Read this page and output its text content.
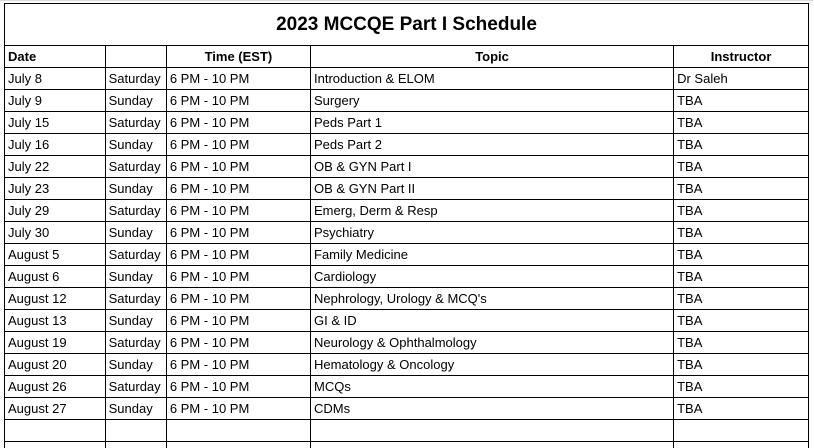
2023 MCCQE Part I Schedule				
Date		Time (EST)	Topic	Instructor
July 8	Saturday	6 PM - 10 PM	Introduction & ELOM	Dr Saleh
July 9	Sunday	6 PM - 10 PM	Surgery	TBA
July 15	Saturday	6 PM - 10 PM	Peds Part 1	TBA
July 16	Sunday	6 PM - 10 PM	Peds Part 2	TBA
July 22	Saturday	6 PM - 10 PM	OB & GYN Part I	TBA
July 23	Sunday	6 PM - 10 PM	OB & GYN Part II	TBA
July 29	Saturday	6 PM - 10 PM	Emerg, Derm & Resp	TBA
July 30	Sunday	6 PM - 10 PM	Psychiatry	TBA
August 5	Saturday	6 PM - 10 PM	Family Medicine	TBA
August 6	Sunday	6 PM - 10 PM	Cardiology	TBA
August 12	Saturday	6 PM - 10 PM	Nephrology, Urology & MCQ's	TBA
August 13	Sunday	6 PM - 10 PM	GI & ID	TBA
August 19	Saturday	6 PM - 10 PM	Neurology & Ophthalmology	TBA
August 20	Sunday	6 PM - 10 PM	Hematology & Oncology	TBA
August 26	Saturday	6 PM - 10 PM	MCQs	TBA
August 27	Sunday	6 PM - 10 PM	CDMs	TBA
